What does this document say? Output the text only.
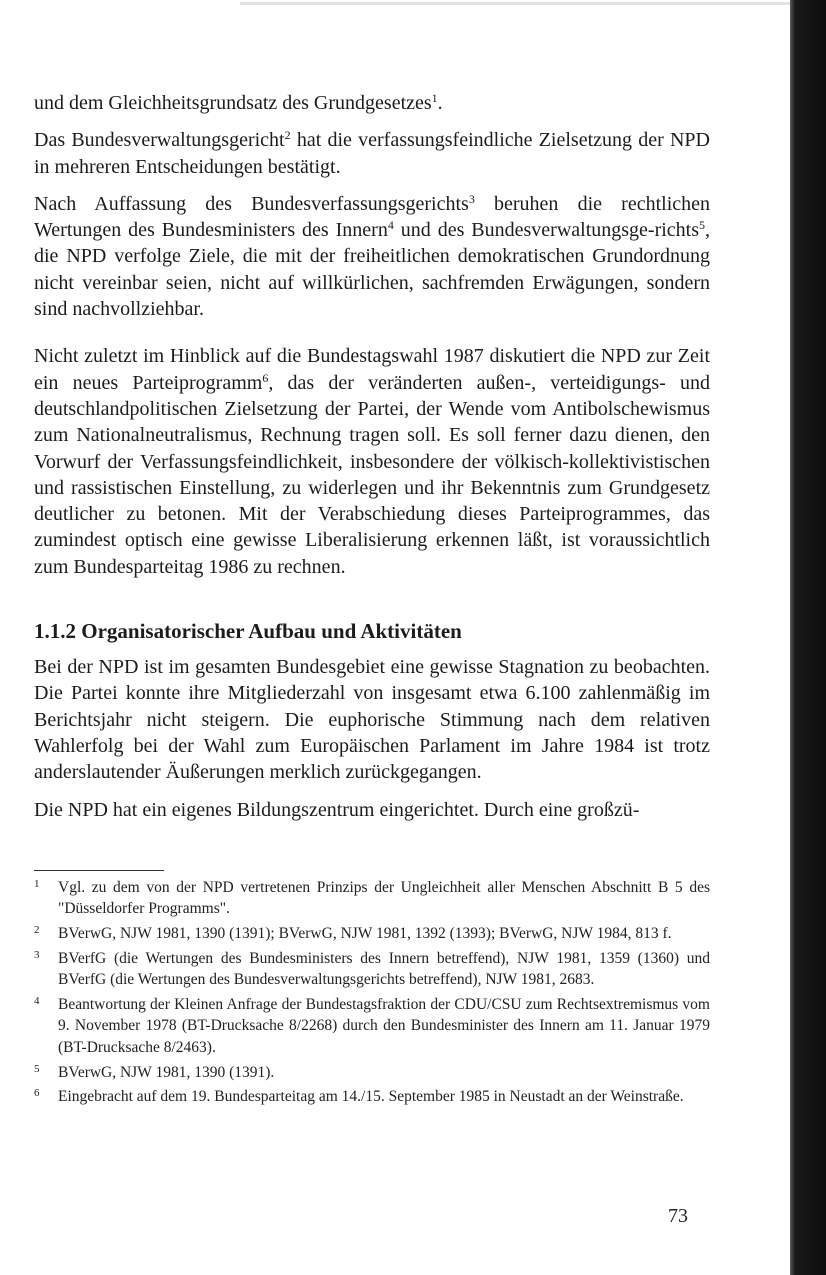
und dem Gleichheitsgrundsatz des Grundgesetzes$^1$.

Das Bundesverwaltungsgericht$^2$ hat die verfassungsfeindliche Zielsetzung der NPD in mehreren Entscheidungen bestätigt.

Nach Auffassung des Bundesverfassungsgerichts$^3$ beruhen die rechtlichen Wertungen des Bundesministers des Innern$^4$ und des Bundesverwaltungsge-richts$^5$, die NPD verfolge Ziele, die mit der freiheitlichen demokratischen Grundordnung nicht vereinbar seien, nicht auf willkürlichen, sachfremden Erwägungen, sondern sind nachvollziehbar.

Nicht zuletzt im Hinblick auf die Bundestagswahl 1987 diskutiert die NPD zur Zeit ein neues Parteiprogramm$^6$, das der veränderten außen-, verteidigungs- und deutschlandpolitischen Zielsetzung der Partei, der Wende vom Antibolschewismus zum Nationalneutralismus, Rechnung tragen soll. Es soll ferner dazu dienen, den Vorwurf der Verfassungsfeindlichkeit, insbesondere der völkisch-kollektivistischen und rassistischen Einstellung, zu widerlegen und ihr Bekenntnis zum Grundgesetz deutlicher zu betonen. Mit der Verabschiedung dieses Parteiprogrammes, das zumindest optisch eine gewisse Liberalisierung erkennen läßt, ist voraussichtlich zum Bundesparteitag 1986 zu rechnen.

1.1.2 Organisatorischer Aufbau und Aktivitäten

Bei der NPD ist im gesamten Bundesgebiet eine gewisse Stagnation zu beobachten. Die Partei konnte ihre Mitgliederzahl von insgesamt etwa 6.100 zahlenmäßig im Berichtsjahr nicht steigern. Die euphorische Stimmung nach dem relativen Wahlerfolg bei der Wahl zum Europäischen Parlament im Jahre 1984 ist trotz anderslautender Äußerungen merklich zurückgegangen.

Die NPD hat ein eigenes Bildungszentrum eingerichtet. Durch eine großzü-

1 Vgl. zu dem von der NPD vertretenen Prinzips der Ungleichheit aller Menschen Abschnitt B 5 des "Düsseldorfer Programms".
2 BVerwG, NJW 1981, 1390 (1391); BVerwG, NJW 1981, 1392 (1393); BVerwG, NJW 1984, 813 f.
3 BVerfG (die Wertungen des Bundesministers des Innern betreffend), NJW 1981, 1359 (1360) und BVerfG (die Wertungen des Bundesverwaltungsgerichts betreffend), NJW 1981, 2683.
4 Beantwortung der Kleinen Anfrage der Bundestagsfraktion der CDU/CSU zum Rechtsextremismus vom 9. November 1978 (BT-Drucksache 8/2268) durch den Bundesminister des Innern am 11. Januar 1979 (BT-Drucksache 8/2463).
5 BVerwG, NJW 1981, 1390 (1391).
6 Eingebracht auf dem 19. Bundesparteitag am 14./15. September 1985 in Neustadt an der Weinstraße.
73
